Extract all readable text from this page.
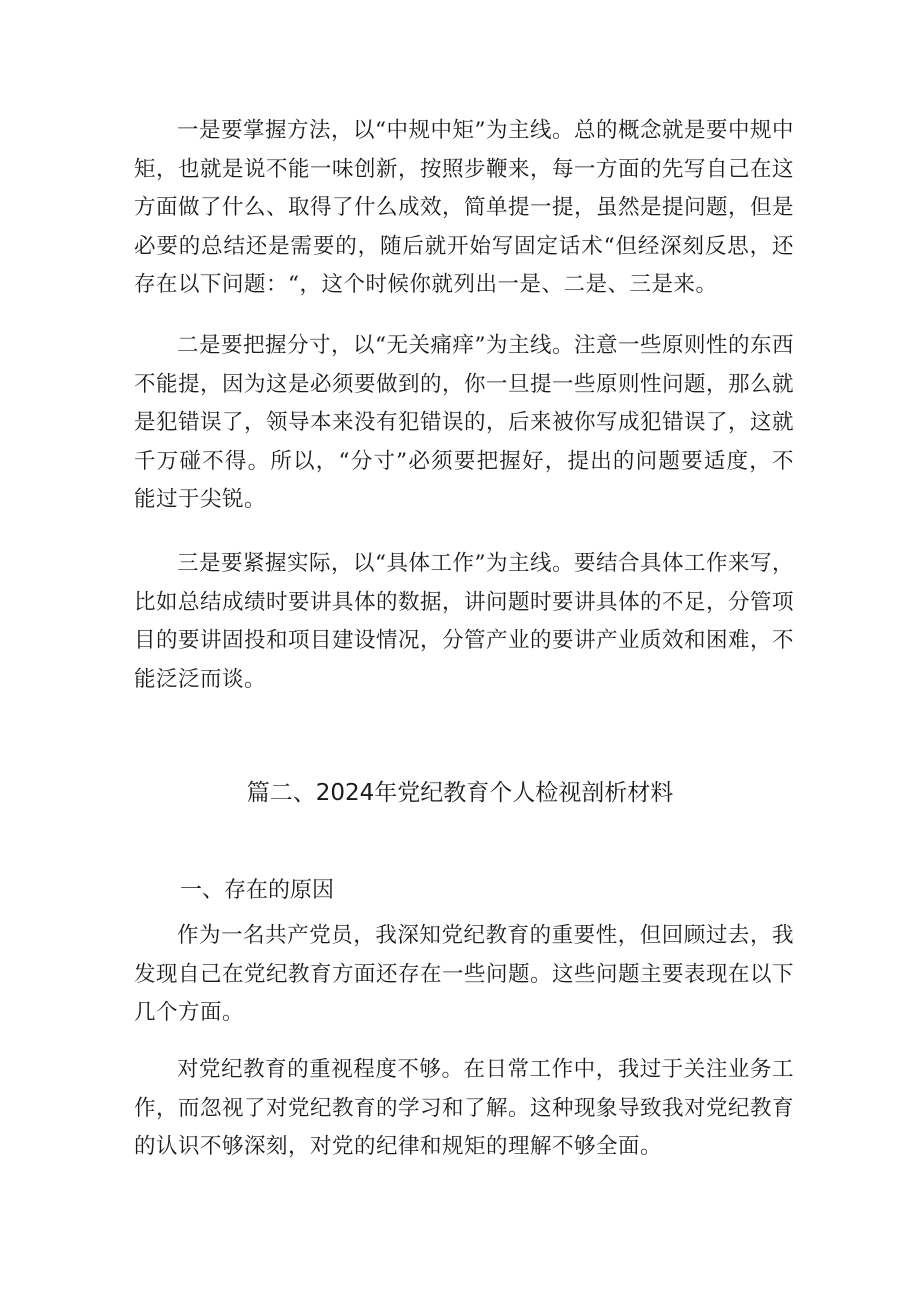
一是要掌握方法，以“中规中矩”为主线。总的概念就是要中规中矩，也就是说不能一味创新，按照步鞭来，每一方面的先写自己在这方面做了什么、取得了什么成效，简单提一提，虽然是提问题，但是必要的总结还是需要的，随后就开始写固定话术“但经深刻反思，还存在以下问题：“，这个时候你就列出一是、二是、三是来。

二是要把握分寸，以“无关痛痒”为主线。注意一些原则性的东西不能提，因为这是必须要做到的，你一旦提一些原则性问题，那么就是犯错误了，领导本来没有犯错误的，后来被你写成犯错误了，这就千万碰不得。所以，“分寸”必须要把握好，提出的问题要适度，不能过于尖锐。

三是要紧握实际，以“具体工作”为主线。要结合具体工作来写，比如总结成绩时要讲具体的数据，讲问题时要讲具体的不足，分管项目的要讲固投和项目建设情况，分管产业的要讲产业质效和困难，不能泛泛而谈。

篇二、2024年党纪教育个人检视剖析材料
一、存在的原因

作为一名共产党员，我深知党纪教育的重要性，但回顾过去，我发现自己在党纪教育方面还存在一些问题。这些问题主要表现在以下几个方面。

对党纪教育的重视程度不够。在日常工作中，我过于关注业务工作，而忽视了对党纪教育的学习和了解。这种现象导致我对党纪教育的认识不够深刻，对党的纪律和规矩的理解不够全面。
